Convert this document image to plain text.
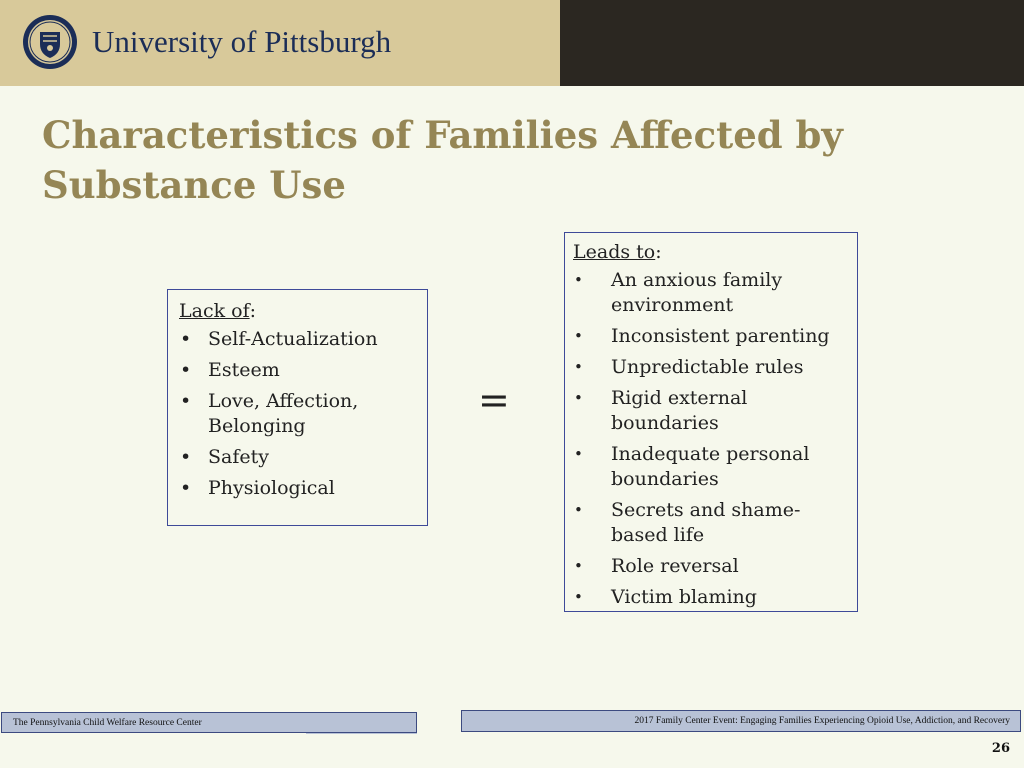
University of Pittsburgh
Characteristics of Families Affected by Substance Use
Lack of:
• Self-Actualization
• Esteem
• Love, Affection, Belonging
• Safety
• Physiological
=
Leads to:
• An anxious family environment
• Inconsistent parenting
• Unpredictable rules
• Rigid external boundaries
• Inadequate personal boundaries
• Secrets and shame-based life
• Role reversal
• Victim blaming
The Pennsylvania Child Welfare Resource Center	2017 Family Center Event: Engaging Families Experiencing Opioid Use, Addiction, and Recovery
26
